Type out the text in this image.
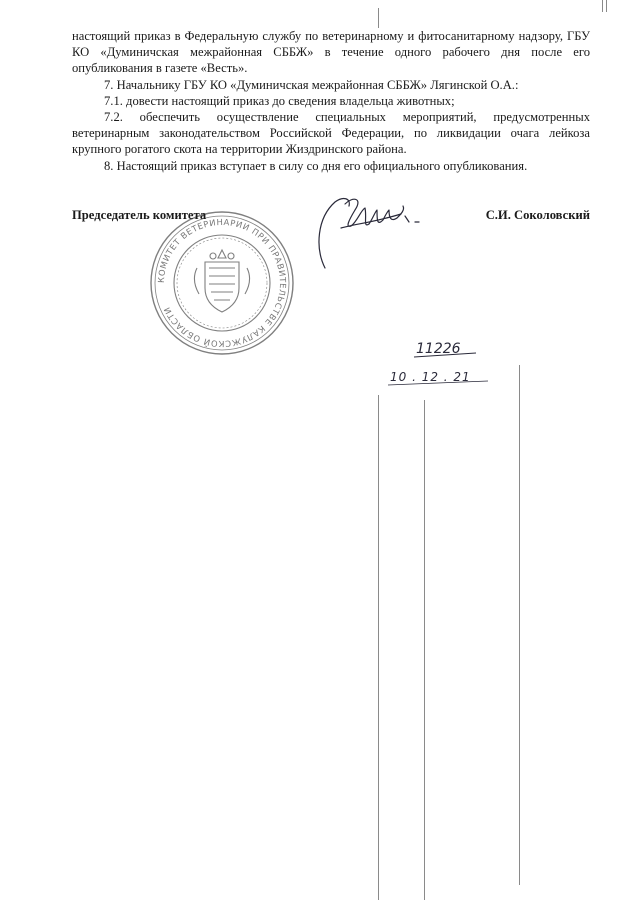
настоящий приказ в Федеральную службу по ветеринарному и фитосанитарному надзору, ГБУ КО «Думиничская межрайонная СББЖ» в течение одного рабочего дня после его опубликования в газете «Весть».

7. Начальнику ГБУ КО «Думиничская межрайонная СББЖ» Лягинской О.А.:

7.1. довести настоящий приказ до сведения владельца животных;

7.2. обеспечить осуществление специальных мероприятий, предусмотренных ветеринарным законодательством Российской Федерации, по ликвидации очага лейкоза крупного рогатого скота на территории Жиздринского района.

8. Настоящий приказ вступает в силу со дня его официального опубликования.

КОМИТЕТ ВЕТЕРИНАРИИ ПРИ ПРАВИТЕЛЬСТВЕ КАЛУЖСКОЙ ОБЛАСТИ
Председатель комитета	С.И. Соколовский
11226
10 . 12 . 21
